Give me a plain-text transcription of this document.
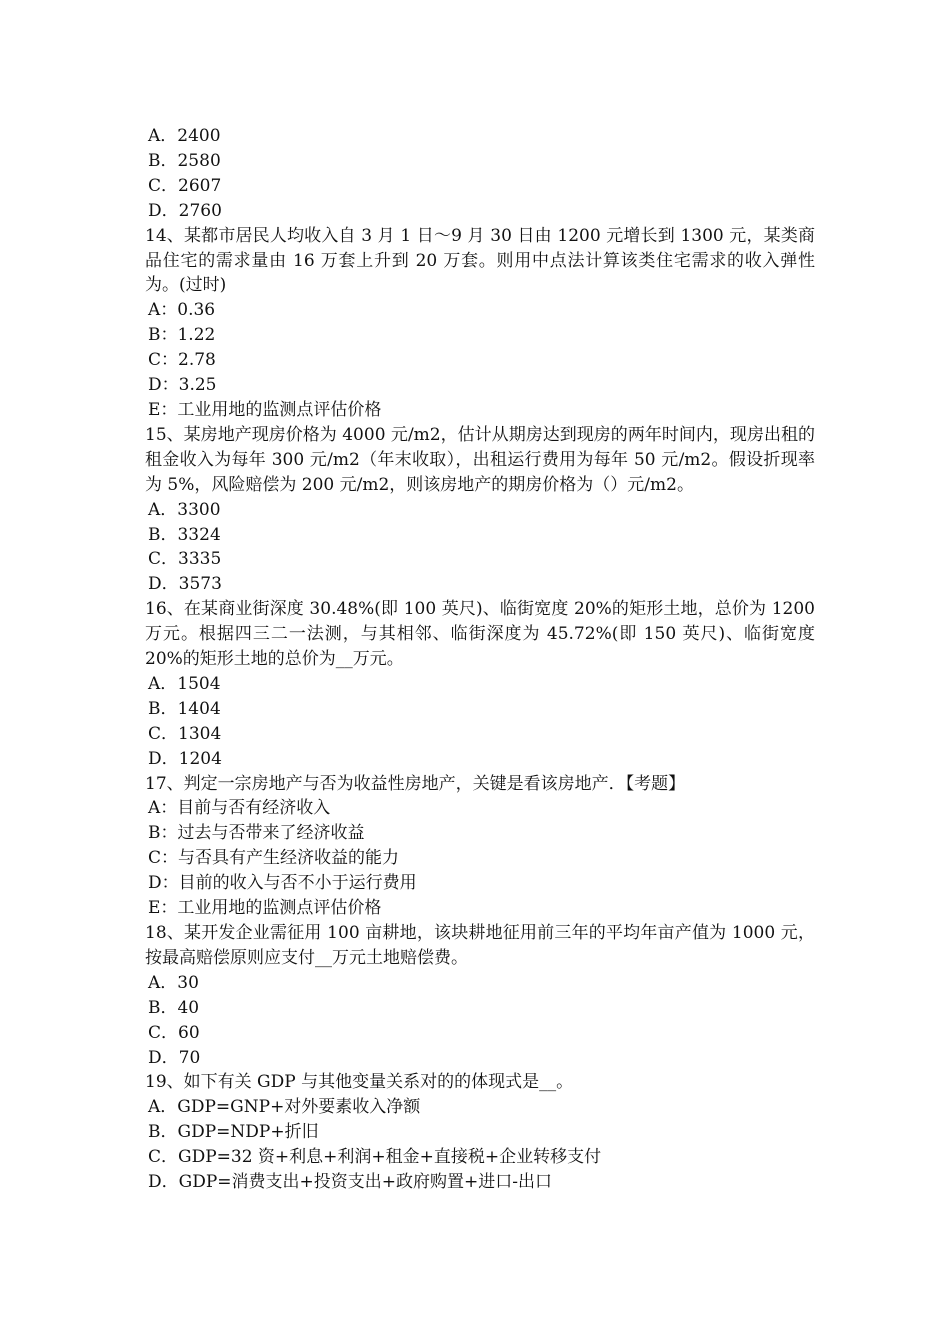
A．2400
B．2580
C．2607
D．2760

14、某都市居民人均收入自 3 月 1 日～9 月 30 日由 1200 元增长到 1300 元，某类商品住宅的需求量由 16 万套上升到 20 万套。则用中点法计算该类住宅需求的收入弹性为。(过时)

A：0.36
B：1.22
C：2.78
D：3.25
E：工业用地的监测点评估价格

15、某房地产现房价格为 4000 元/m2，估计从期房达到现房的两年时间内，现房出租的租金收入为每年 300 元/m2（年末收取），出租运行费用为每年 50 元/m2。假设折现率为 5%，风险赔偿为 200 元/m2，则该房地产的期房价格为（）元/m2。

A．3300
B．3324
C．3335
D．3573

16、在某商业街深度 30.48%(即 100 英尺)、临街宽度 20%的矩形土地，总价为 1200 万元。根据四三二一法测，与其相邻、临街深度为 45.72%(即 150 英尺)、临街宽度 20%的矩形土地的总价为__万元。

A．1504
B．1404
C．1304
D．1204

17、判定一宗房地产与否为收益性房地产，关键是看该房地产．【考题】

A：目前与否有经济收入
B：过去与否带来了经济收益
C：与否具有产生经济收益的能力
D：目前的收入与否不小于运行费用
E：工业用地的监测点评估价格

18、某开发企业需征用 100 亩耕地，该块耕地征用前三年的平均年亩产值为 1000 元，按最高赔偿原则应支付__万元土地赔偿费。

A．30
B．40
C．60
D．70

19、如下有关 GDP 与其他变量关系对的的体现式是__。

A．GDP=GNP+对外要素收入净额
B．GDP=NDP+折旧
C．GDP=32 资+利息+利润+租金+直接税+企业转移支付
D．GDP=消费支出+投资支出+政府购置+进口-出口
